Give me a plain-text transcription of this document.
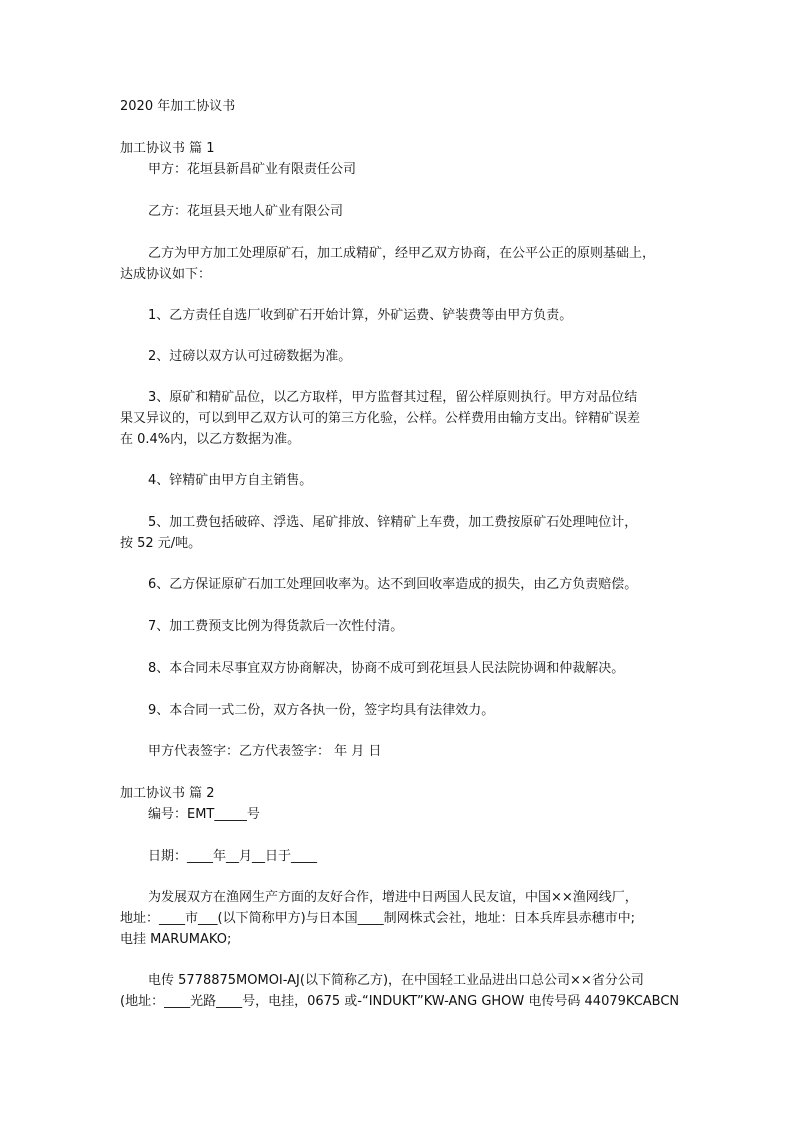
2020 年加工协议书
加工协议书 篇 1
甲方：花垣县新昌矿业有限责任公司
乙方：花垣县天地人矿业有限公司
乙方为甲方加工处理原矿石，加工成精矿，经甲乙双方协商，在公平公正的原则基础上，
达成协议如下：
1、乙方责任自选厂收到矿石开始计算，外矿运费、铲装费等由甲方负责。
2、过磅以双方认可过磅数据为准。
3、原矿和精矿品位，以乙方取样，甲方监督其过程，留公样原则执行。甲方对品位结
果又异议的，可以到甲乙双方认可的第三方化验，公样。公样费用由输方支出。锌精矿误差
在 0.4%内，以乙方数据为准。
4、锌精矿由甲方自主销售。
5、加工费包括破碎、浮选、尾矿排放、锌精矿上车费，加工费按原矿石处理吨位计，
按 52 元/吨。
6、乙方保证原矿石加工处理回收率为。达不到回收率造成的损失，由乙方负责赔偿。
7、加工费预支比例为得货款后一次性付清。
8、本合同未尽事宜双方协商解决，协商不成可到花垣县人民法院协调和仲裁解决。
9、本合同一式二份，双方各执一份，签字均具有法律效力。
甲方代表签字：乙方代表签字： 年 月 日
加工协议书 篇 2
编号：EMT_____号
日期：____年__月__日于____
为发展双方在渔网生产方面的友好合作，增进中日两国人民友谊，中国××渔网线厂，
地址：____市___(以下简称甲方)与日本国____制网株式会社，地址：日本兵库县赤穗市中;
电挂 MARUMAKO;
电传 5778875MOMOI-AJ(以下简称乙方)，在中国轻工业品进出口总公司××省分公司
(地址：____光路____号，电挂，0675 或-“INDUKT”KW-ANG GHOW 电传号码 44079KCABCN
